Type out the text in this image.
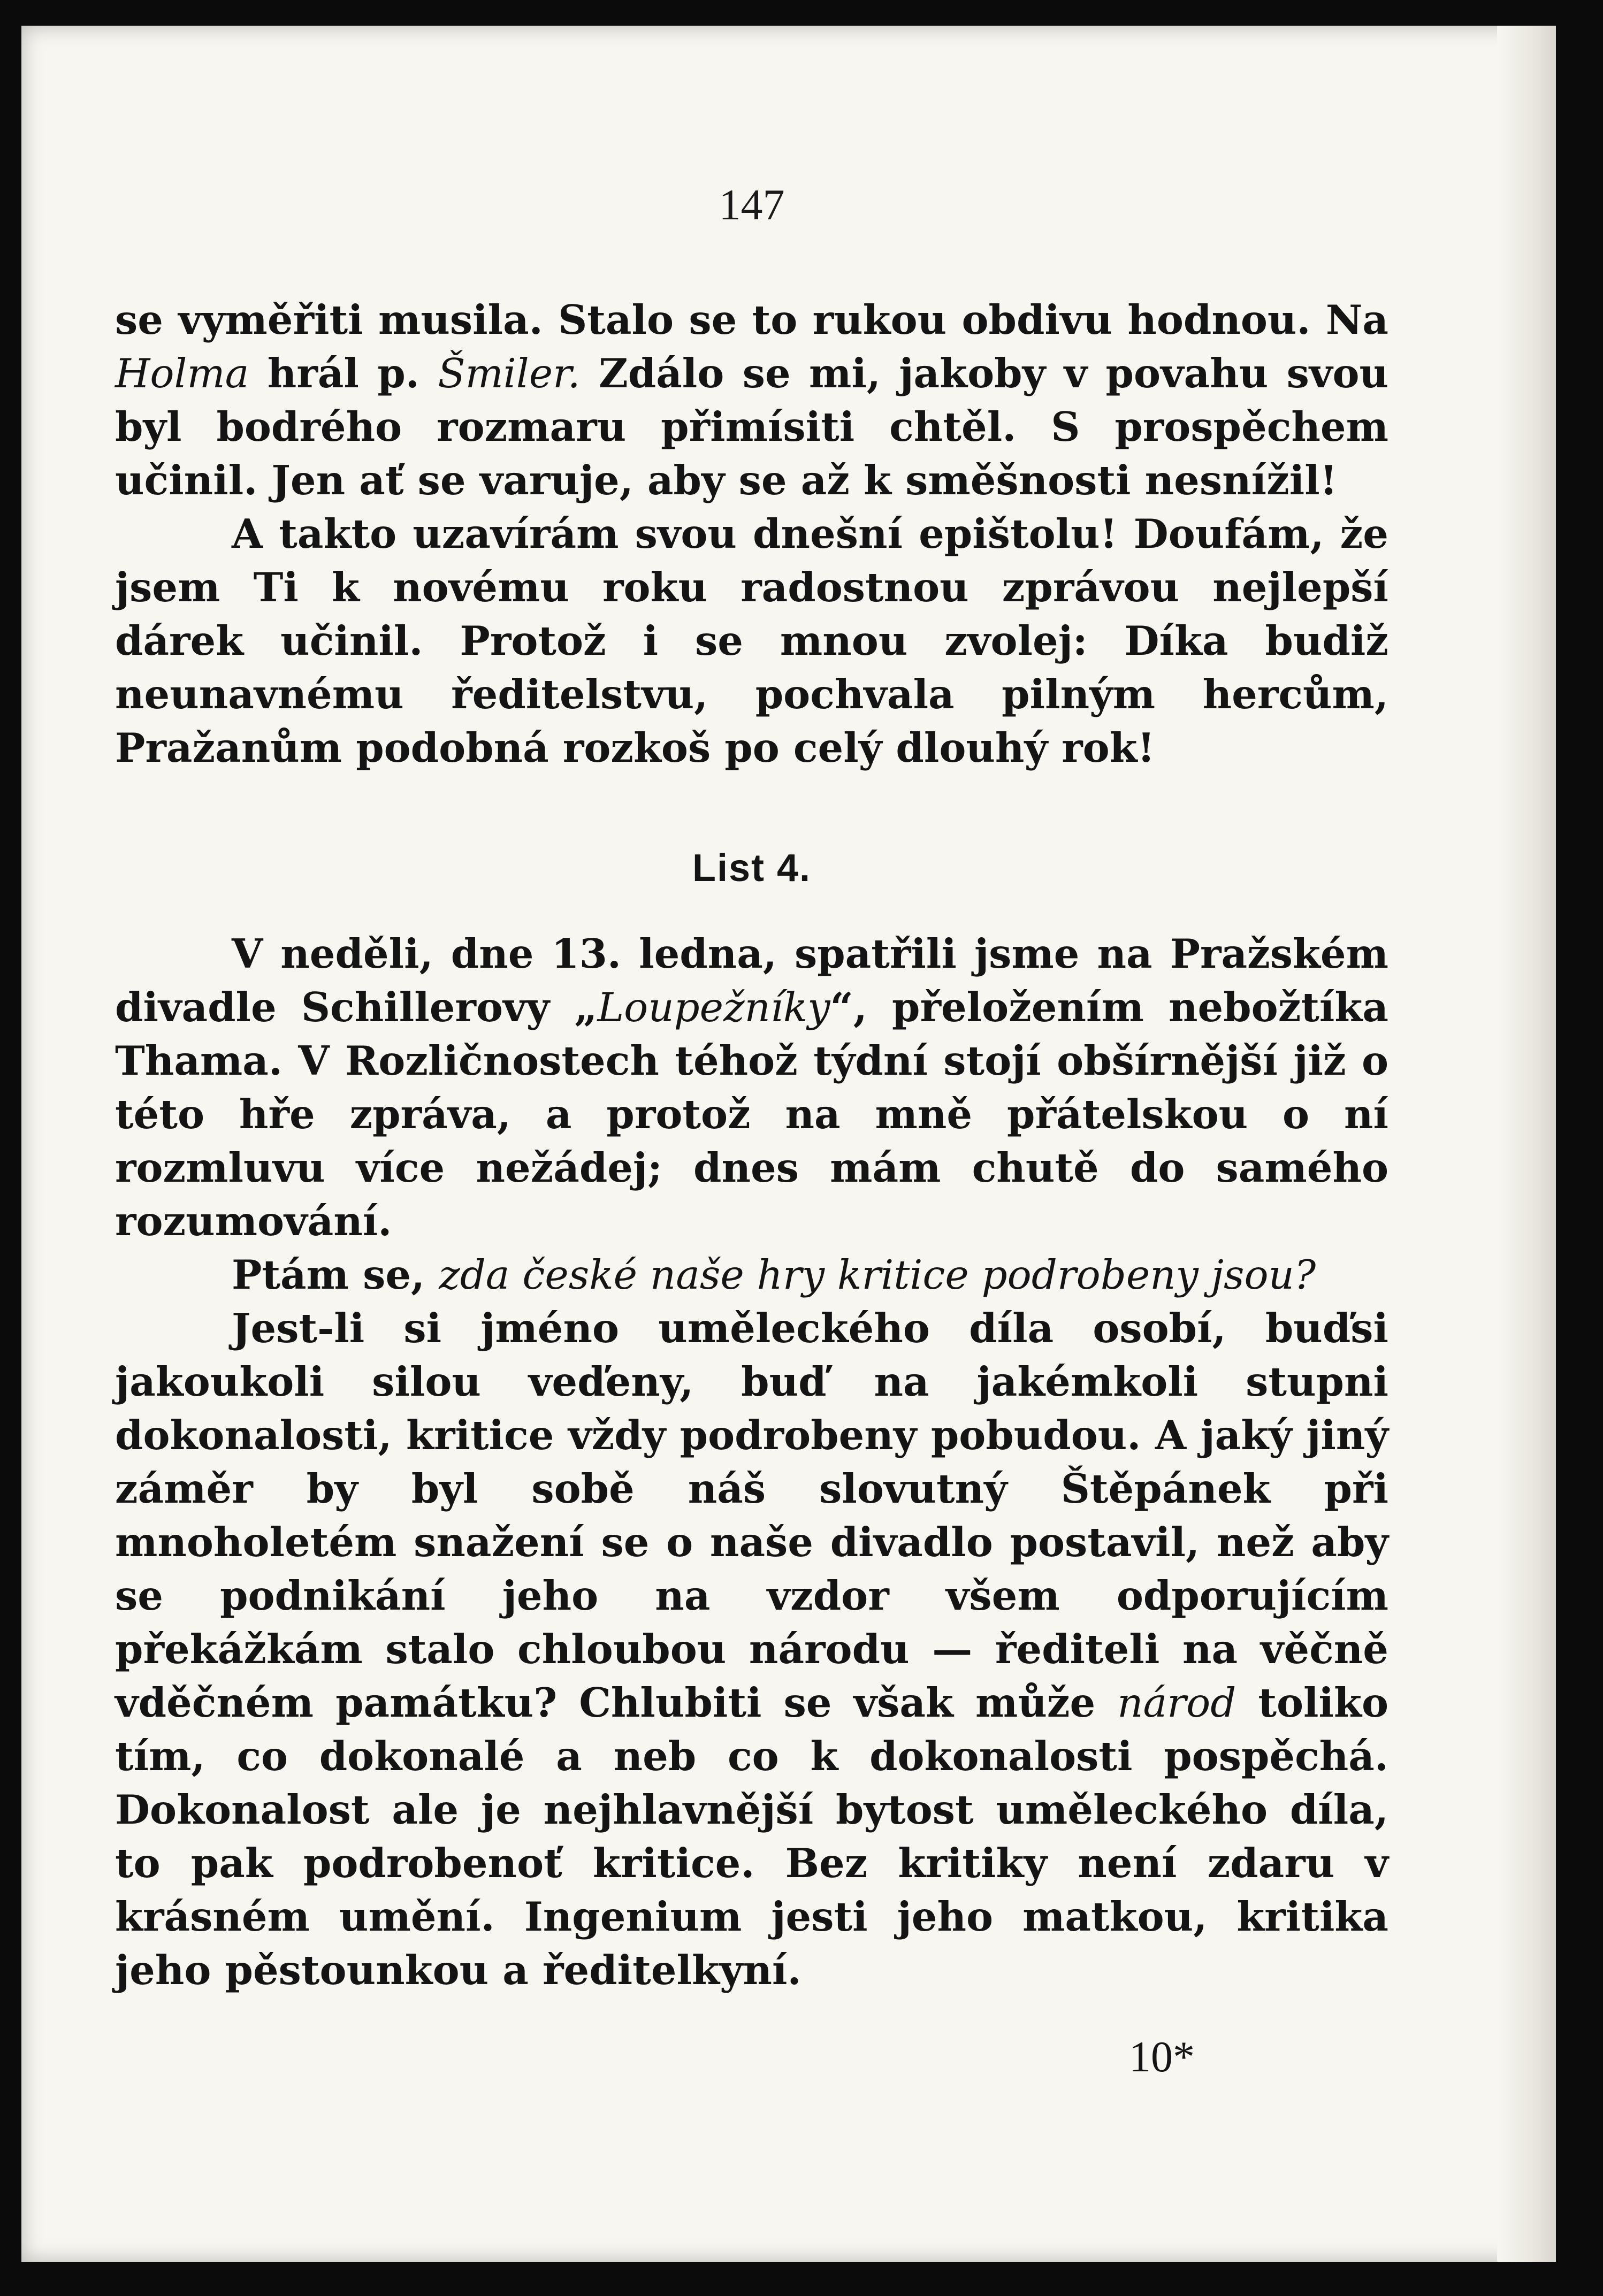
147

se vyměřiti musila. Stalo se to rukou obdivu hodnou. Na Holma hrál p. Šmiler. Zdálo se mi, jakoby v povahu svou byl bodrého rozmaru přimísiti chtěl. S prospěchem učinil. Jen ať se varuje, aby se až k směšnosti nesnížil!

A takto uzavírám svou dnešní epištolu! Doufám, že jsem Ti k novému roku radostnou zprávou nejlepší dárek učinil. Protož i se mnou zvolej: Díka budiž neunavnému ředitelstvu, pochvala pilným hercům, Pražanům podobná rozkoš po celý dlouhý rok!

List 4.

V neděli, dne 13. ledna, spatřili jsme na Pražském divadle Schillerovy „Loupežníky“, přeložením nebožtíka Thama. V Rozličnostech téhož týdní stojí obšírnější již o této hře zpráva, a protož na mně přátelskou o ní rozmluvu více nežádej; dnes mám chutě do samého rozumování.

Ptám se, zda české naše hry kritice podrobeny jsou?

Jest-li si jméno uměleckého díla osobí, buďsi jakoukoli silou veďeny, buď na jakémkoli stupni dokonalosti, kritice vždy podrobeny pobudou. A jaký jiný záměr by byl sobě náš slovutný Štěpánek při mnoholetém snažení se o naše divadlo postavil, než aby se podnikání jeho na vzdor všem odporujícím překážkám stalo chloubou národu — řediteli na věčně vděčném památku? Chlubiti se však může národ toliko tím, co dokonalé a neb co k dokonalosti pospěchá. Dokonalost ale je nejhlavnější bytost uměleckého díla, to pak podrobenoť kritice. Bez kritiky není zdaru v krásném umění. Ingenium jesti jeho matkou, kritika jeho pěstounkou a ředitelkyní.

10*
